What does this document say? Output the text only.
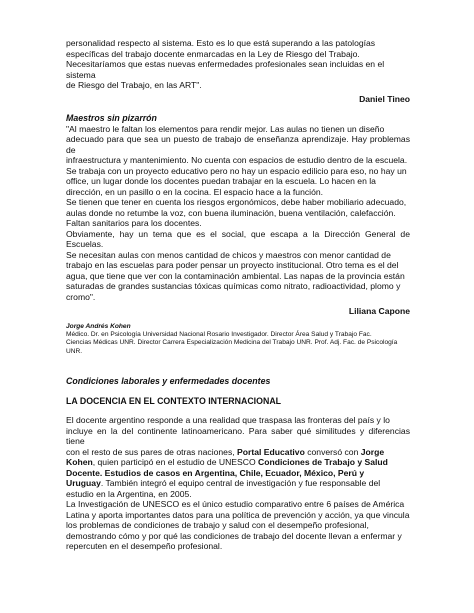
personalidad respecto al sistema. Esto es lo que está superando a las patologías

específicas del trabajo docente enmarcadas en la Ley de Riesgo del Trabajo.

Necesitaríamos que estas nuevas enfermedades profesionales sean incluidas en el sistema

de Riesgo del Trabajo, en las ART".

Daniel Tineo

Maestros sin pizarrón

"Al maestro le faltan los elementos para rendir mejor. Las aulas no tienen un diseño

adecuado para que sea un puesto de trabajo de enseñanza aprendizaje. Hay problemas de

infraestructura y mantenimiento. No cuenta con espacios de estudio dentro de la escuela.

Se trabaja con un proyecto educativo pero no hay un espacio edilicio para eso, no hay un

office, un lugar donde los docentes puedan trabajar en la escuela. Lo hacen en la

dirección, en un pasillo o en la cocina. El espacio hace a la función.

Se tienen que tener en cuenta los riesgos ergonómicos, debe haber mobiliario adecuado,

aulas donde no retumbe la voz, con buena iluminación, buena ventilación, calefacción.

Faltan sanitarios para los docentes.

Obviamente, hay un tema que es el social, que escapa a la Dirección General de Escuelas.

Se necesitan aulas con menos cantidad de chicos y maestros con menor cantidad de

trabajo en las escuelas para poder pensar un proyecto institucional. Otro tema es el del

agua, que tiene que ver con la contaminación ambiental. Las napas de la provincia están

saturadas de grandes sustancias tóxicas químicas como nitrato, radioactividad, plomo y

cromo".

Liliana Capone

Jorge Andrés Kohen

Médico. Dr. en Psicología Universidad Nacional Rosario Investigador. Director Área Salud y Trabajo Fac.

Ciencias Médicas UNR. Director Carrera Especialización Medicina del Trabajo UNR. Prof. Adj. Fac. de Psicología

UNR.

Condiciones laborales y enfermedades docentes

LA DOCENCIA EN EL CONTEXTO INTERNACIONAL

El docente argentino responde a una realidad que traspasa las fronteras del país y lo

incluye en la del continente latinoamericano. Para saber qué similitudes y diferencias tiene

con el resto de sus pares de otras naciones, Portal Educativo conversó con Jorge

Kohen, quien participó en el estudio de UNESCO Condiciones de Trabajo y Salud

Docente. Estudios de casos en Argentina, Chile, Ecuador, México, Perú y

Uruguay. También integró el equipo central de investigación y fue responsable del

estudio en la Argentina, en 2005.

La Investigación de UNESCO es el único estudio comparativo entre 6 países de América

Latina y aporta importantes datos para una política de prevención y acción, ya que vincula

los problemas de condiciones de trabajo y salud con el desempeño profesional,

demostrando cómo y por qué las condiciones de trabajo del docente llevan a enfermar y

repercuten en el desempeño profesional.
